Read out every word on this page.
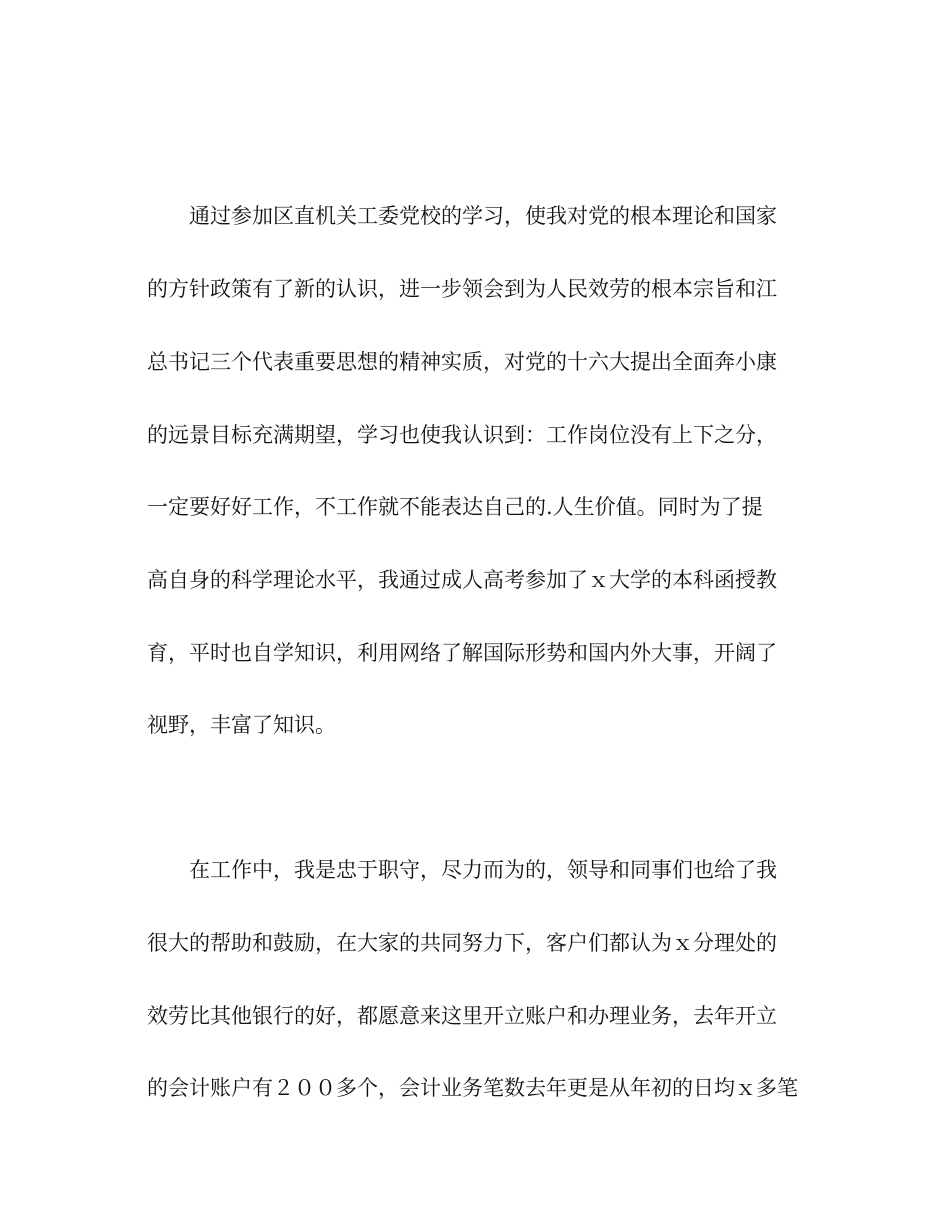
通过参加区直机关工委党校的学习，使我对党的根本理论和国家
的方针政策有了新的认识，进一步领会到为人民效劳的根本宗旨和江
总书记三个代表重要思想的精神实质，对党的十六大提出全面奔小康
的远景目标充满期望，学习也使我认识到：工作岗位没有上下之分，
一定要好好工作，不工作就不能表达自己的.人生价值。同时为了提
高自身的科学理论水平，我通过成人高考参加了ｘ大学的本科函授教
育，平时也自学知识，利用网络了解国际形势和国内外大事，开阔了
视野，丰富了知识。
在工作中，我是忠于职守，尽力而为的，领导和同事们也给了我
很大的帮助和鼓励，在大家的共同努力下，客户们都认为ｘ分理处的
效劳比其他银行的好，都愿意来这里开立账户和办理业务，去年开立
的会计账户有２００多个，会计业务笔数去年更是从年初的日均ｘ多笔
